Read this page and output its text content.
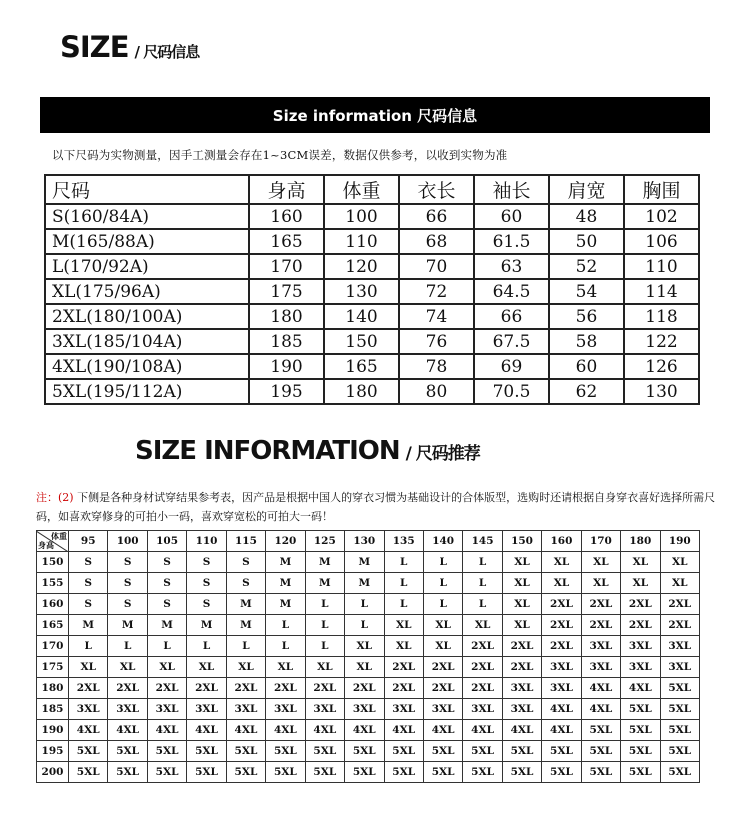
SIZE / 尺码信息
Size information 尺码信息
以下尺码为实物测量，因手工测量会存在1~3CM误差，数据仅供参考，以收到实物为准
尺码	身高	体重	衣长	袖长	肩宽	胸围
S(160/84A)	160	100	66	60	48	102
M(165/88A)	165	110	68	61.5	50	106
L(170/92A)	170	120	70	63	52	110
XL(175/96A)	175	130	72	64.5	54	114
2XL(180/100A)	180	140	74	66	56	118
3XL(185/104A)	185	150	76	67.5	58	122
4XL(190/108A)	190	165	78	69	60	126
5XL(195/112A)	195	180	80	70.5	62	130
SIZE INFORMATION / 尺码推荐
注：(2) 下侧是各种身材试穿结果参考表，因产品是根据中国人的穿衣习惯为基础设计的合体版型，选购时还请根据自身穿衣喜好选择所需尺码，如喜欢穿修身的可拍小一码，喜欢穿宽松的可拍大一码！
体重
身高	95	100	105	110	115	120	125	130	135	140	145	150	160	170	180	190
150	S	S	S	S	S	M	M	M	L	L	L	XL	XL	XL	XL	XL
155	S	S	S	S	S	M	M	M	L	L	L	XL	XL	XL	XL	XL
160	S	S	S	S	M	M	L	L	L	L	L	XL	2XL	2XL	2XL	2XL
165	M	M	M	M	M	L	L	L	XL	XL	XL	XL	2XL	2XL	2XL	2XL
170	L	L	L	L	L	L	L	XL	XL	XL	2XL	2XL	2XL	3XL	3XL	3XL
175	XL	XL	XL	XL	XL	XL	XL	XL	2XL	2XL	2XL	2XL	3XL	3XL	3XL	3XL
180	2XL	2XL	2XL	2XL	2XL	2XL	2XL	2XL	2XL	2XL	2XL	3XL	3XL	4XL	4XL	5XL
185	3XL	3XL	3XL	3XL	3XL	3XL	3XL	3XL	3XL	3XL	3XL	3XL	4XL	4XL	5XL	5XL
190	4XL	4XL	4XL	4XL	4XL	4XL	4XL	4XL	4XL	4XL	4XL	4XL	4XL	5XL	5XL	5XL
195	5XL	5XL	5XL	5XL	5XL	5XL	5XL	5XL	5XL	5XL	5XL	5XL	5XL	5XL	5XL	5XL
200	5XL	5XL	5XL	5XL	5XL	5XL	5XL	5XL	5XL	5XL	5XL	5XL	5XL	5XL	5XL	5XL
